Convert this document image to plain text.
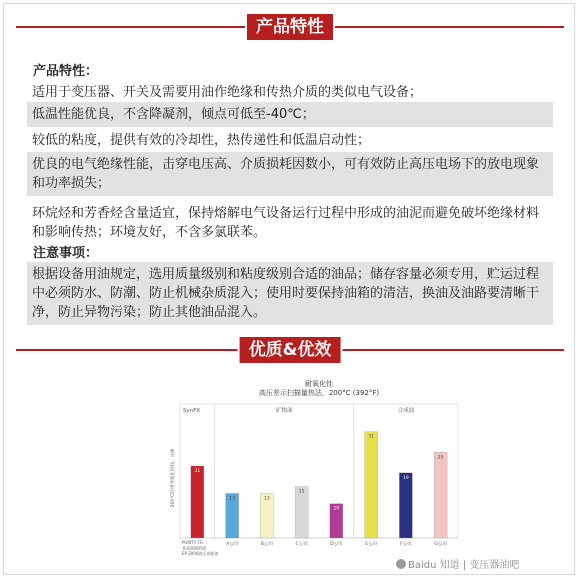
产品特性
产品特性：
适用于变压器、开关及需要用油作绝缘和传热介质的类似电气设备；
低温性能优良，不含降凝剂，倾点可低至-40℃；
较低的粘度，提供有效的冷却性，热传递性和低温启动性；
优良的电气绝缘性能，击穿电压高、介质损耗因数小，可有效防止高压电场下的放电现象和功率损失；
环烷烃和芳香烃含量适宜，保持熔解电气设备运行过程中形成的油泥而避免破坏绝缘材料和影响传热；环境友好，不含多氯联苯。
注意事项：
根据设备用油规定，选用质量级别和粘度级别合适的油品；储存容量必须专用，贮运过程中必须防水、防潮、防止机械杂质混入；使用时要保持油箱的清洁，换油及油路要清晰干净，防止异物污染；防止其他油品混入。
优质&优效
耐氧化性
高压差示扫描量热法，200°C (392°F)
SynFX	矿物油	合成油
200℃时诱导氧化时间，分钟	21
PURITY FG
食品级润滑油
EP 2000液压齿轮油
13
A公司
13
B公司
15
C公司
10
D公司
31
E公司
19
F公司
25
G公司
Baidu 知道 | 变压器油吧
